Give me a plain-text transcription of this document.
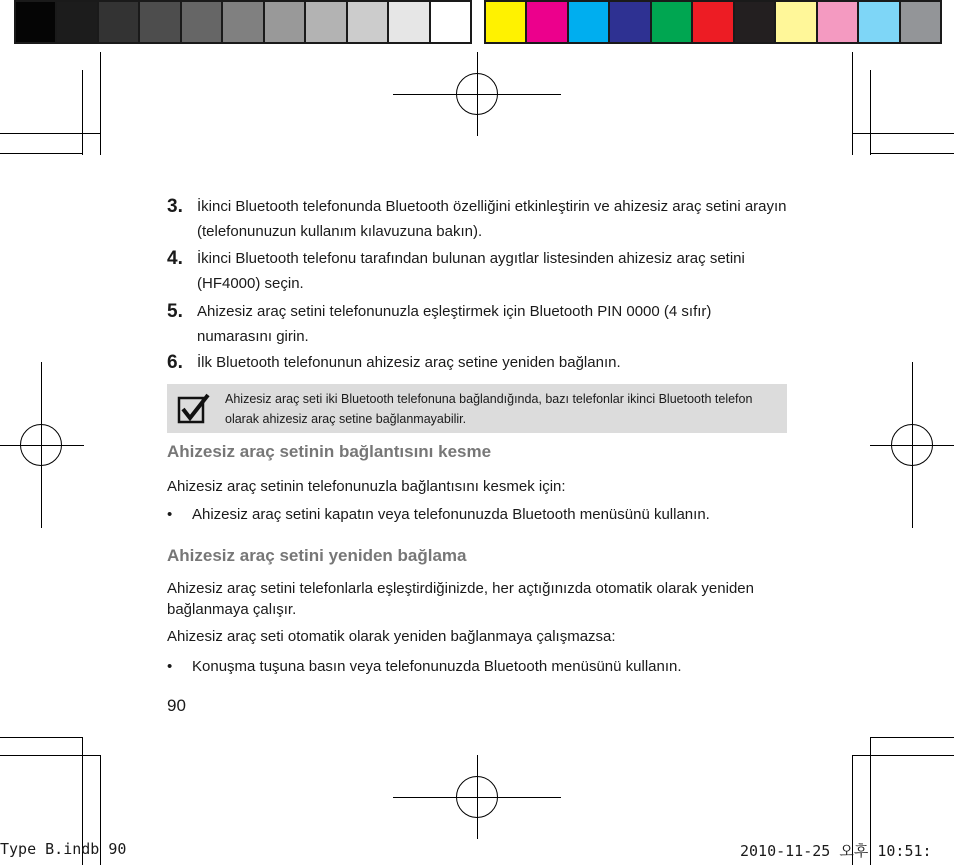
3. İkinci Bluetooth telefonunda Bluetooth özelliğini etkinleştirin ve ahizesiz araç setini arayın (telefonunuzun kullanım kılavuzuna bakın).
4. İkinci Bluetooth telefonu tarafından bulunan aygıtlar listesinden ahizesiz araç setini (HF4000) seçin.
5. Ahizesiz araç setini telefonunuzla eşleştirmek için Bluetooth PIN 0000 (4 sıfır) numarasını girin.
6. İlk Bluetooth telefonunun ahizesiz araç setine yeniden bağlanın.
Ahizesiz araç seti iki Bluetooth telefonuna bağlandığında, bazı telefonlar ikinci Bluetooth telefon olarak ahizesiz araç setine bağlanmayabilir.
Ahizesiz araç setinin bağlantısını kesme
Ahizesiz araç setinin telefonunuzla bağlantısını kesmek için:
• Ahizesiz araç setini kapatın veya telefonunuzda Bluetooth menüsünü kullanın.
Ahizesiz araç setini yeniden bağlama
Ahizesiz araç setini telefonlarla eşleştirdiğinizde, her açtığınızda otomatik olarak yeniden bağlanmaya çalışır.
Ahizesiz araç seti otomatik olarak yeniden bağlanmaya çalışmazsa:
• Konuşma tuşuna basın veya telefonunuzda Bluetooth menüsünü kullanın.
90
Type B.indb 90	2010-11-25 오후 10:51:
